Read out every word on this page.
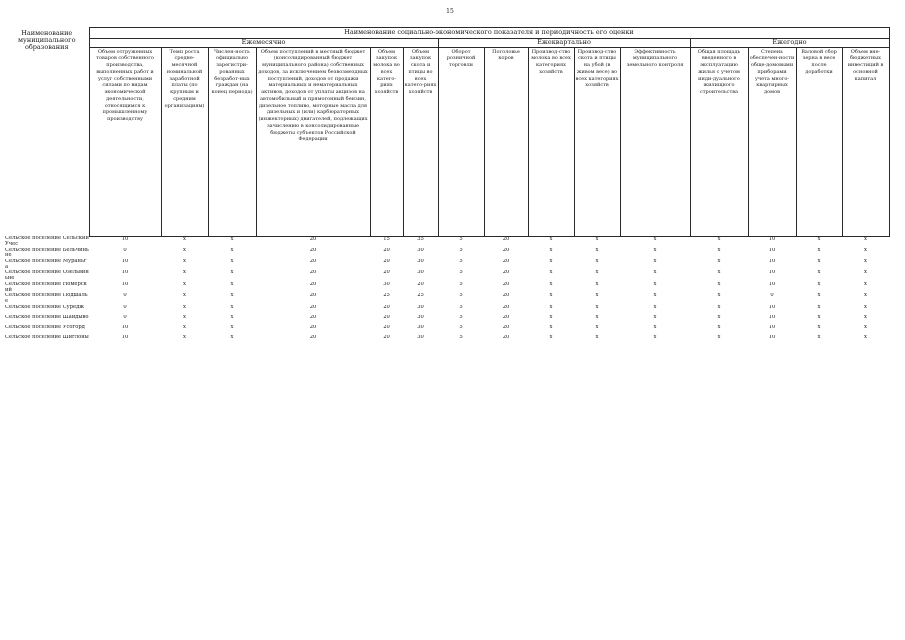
15
Наименование муниципального образования	Наименование социально-экономического показателя и периодичность его оценки														
	Ежемесячно						Ежеквартально					Ежегодно			
	Объем отгруженных товаров собственного производства, выполненных работ и услуг собственными силами по видам экономической деятельности, относящимся к промышленному производству	Темп роста средне-месячной номинальной заработной платы (по крупным и средним организациям)	Числен-ность официально зарегистри-рованных безработ-ных граждан (на конец периода)	Объем поступлений в местный бюджет (консолидированный бюджет муниципального района) собственных доходов, за исключением безвозмездных поступлений, доходов от продажи материальных и нематериальных активов, доходов от уплаты акцизов на автомобильный и прямогонный бензин, дизельное топливо, моторные масла для дизельных и (или) карбюраторных (инжекторных) двигателей, подлежащих зачислению в консолидированные бюджеты субъектов Российской Федерации	Объем закупок молока во всех катего-риях хозяйств	Объем закупок скота и птицы во всех катего-риях хозяйств	Оборот розничной торговли	Поголовье коров	Производ-ство молока во всех категориях хозяйств	Производ-ство скота и птицы на убой (в живом весе) во всех категориях хозяйств	Эффективность муниципального земельного контроля	Общая площадь введенного в эксплуатацию жилья с учетом инди-дуального жилищного строительства	Степень обеспечен-ности обще-домовыми приборами учета много-квартирных домов	Валовой сбор зерна в весе после доработки	Объем вне-бюджетных инвестиций в основной капитал
Сельское поселение Сельский Учес	10	x	x	20	15	35	5	20	x	x	x	x	10	x	x
Сельское поселение Бельчиньне	0	x	x	20	20	30	5	20	x	x	x	x	10	x	x
Сельское поселение Мураньга	10	x	x	20	20	30	5	20	x	x	x	x	10	x	x
Сельское поселение Озельвиньне	10	x	x	20	20	30	5	20	x	x	x	x	10	x	x
Сельское поселение Номерский	10	x	x	20	30	20	5	20	x	x	x	x	10	x	x
Сельское поселение Подшалье	0	x	x	20	25	25	5	20	x	x	x	x	0	x	x
Сельское поселение Суредж	0	x	x	20	20	30	5	20	x	x	x	x	10	x	x
Сельское поселение Шайдыво	0	x	x	20	20	30	5	20	x	x	x	x	10	x	x
Сельское поселение Усогорд	10	x	x	20	20	30	5	20	x	x	x	x	10	x	x
Сельское поселение Шиглоны	10	x	x	20	20	30	5	20	x	x	x	x	10	x	x
